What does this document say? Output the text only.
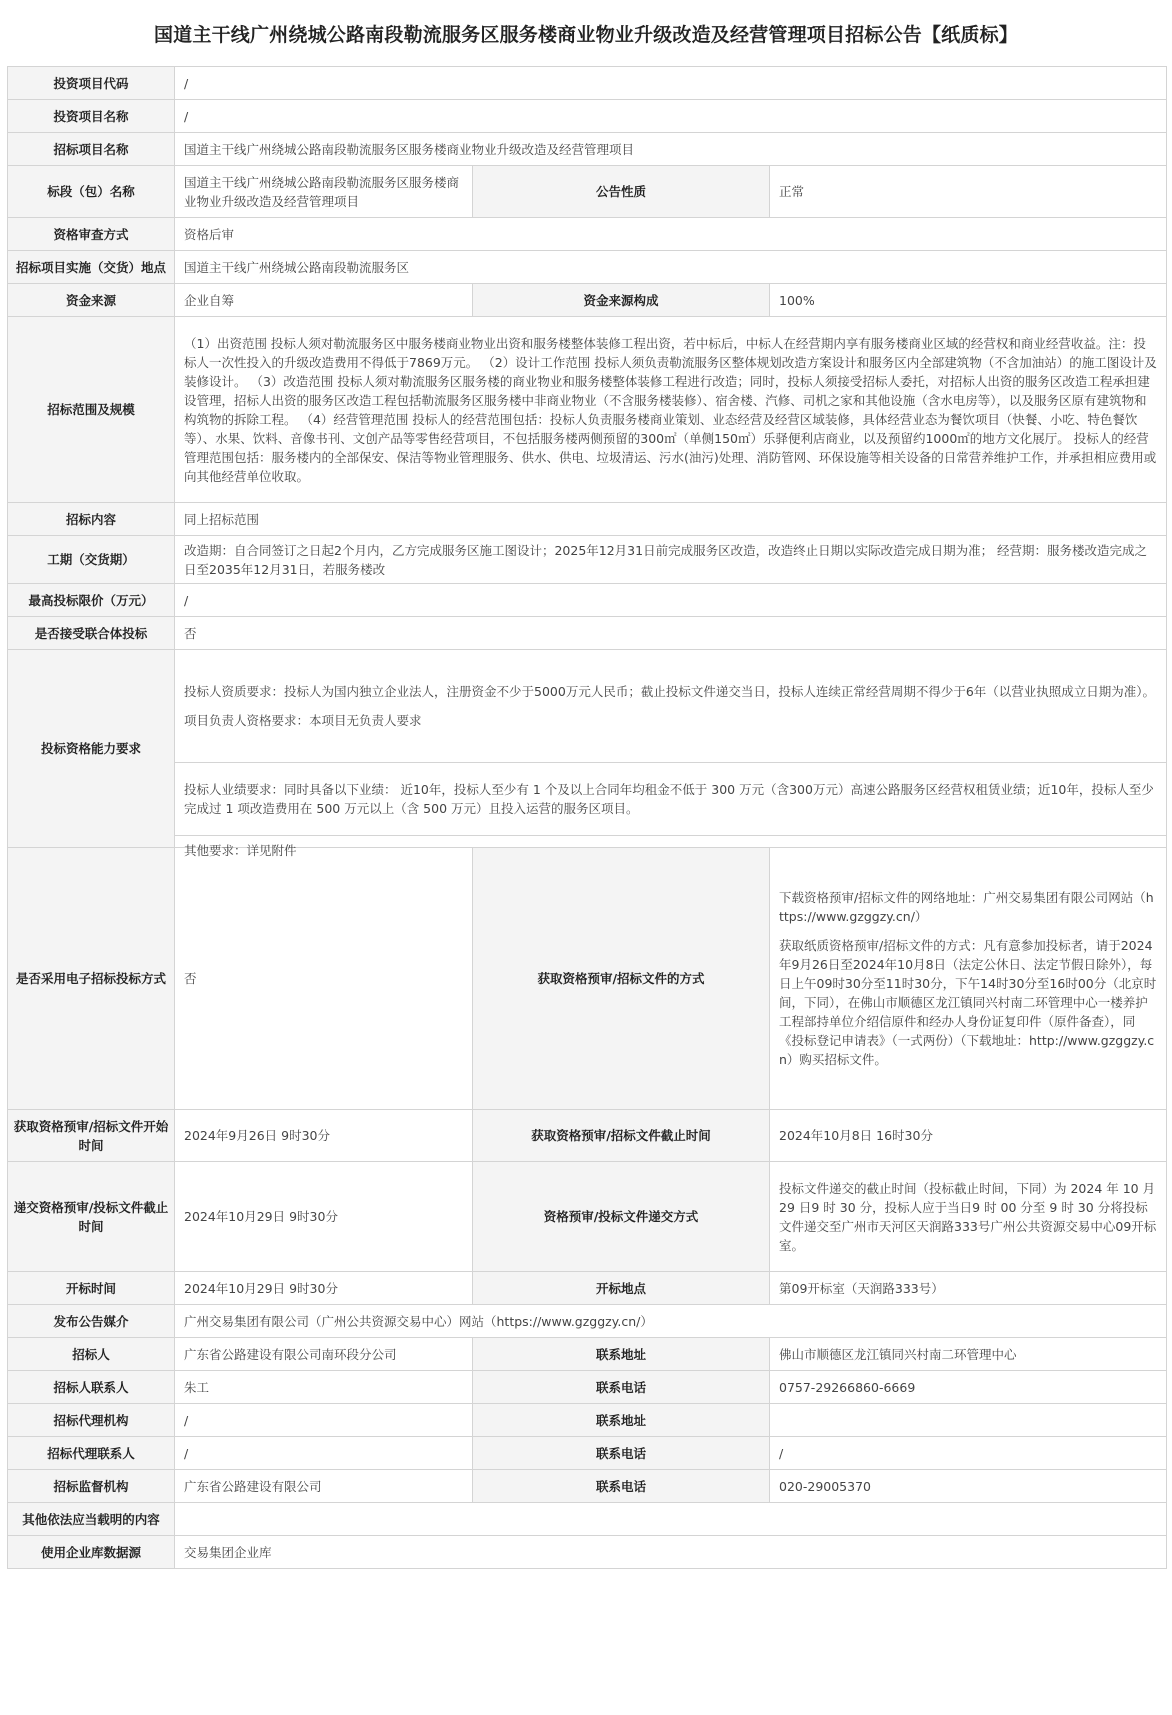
国道主干线广州绕城公路南段勒流服务区服务楼商业物业升级改造及经营管理项目招标公告【纸质标】
投资项目代码	/		
投资项目名称	/		
招标项目名称	国道主干线广州绕城公路南段勒流服务区服务楼商业物业升级改造及经营管理项目		
标段（包）名称	国道主干线广州绕城公路南段勒流服务区服务楼商业物业升级改造及经营管理项目	公告性质	正常
资格审查方式	资格后审		
招标项目实施（交货）地点	国道主干线广州绕城公路南段勒流服务区		
资金来源	企业自筹	资金来源构成	100%
招标范围及规模	（1）出资范围 投标人须对勒流服务区中服务楼商业物业出资和服务楼整体装修工程出资，若中标后，中标人在经营期内享有服务楼商业区域的经营权和商业经营收益。注：投标人一次性投入的升级改造费用不得低于7869万元。 （2）设计工作范围 投标人须负责勒流服务区整体规划改造方案设计和服务区内全部建筑物（不含加油站）的施工图设计及装修设计。 （3）改造范围 投标人须对勒流服务区服务楼的商业物业和服务楼整体装修工程进行改造；同时，投标人须接受招标人委托，对招标人出资的服务区改造工程承担建设管理，招标人出资的服务区改造工程包括勒流服务区服务楼中非商业物业（不含服务楼装修）、宿舍楼、汽修、司机之家和其他设施（含水电房等），以及服务区原有建筑物和构筑物的拆除工程。 （4）经营管理范围 投标人的经营范围包括：投标人负责服务楼商业策划、业态经营及经营区域装修，具体经营业态为餐饮项目（快餐、小吃、特色餐饮等）、水果、饮料、音像书刊、文创产品等零售经营项目，不包括服务楼两侧预留的300㎡（单侧150㎡）乐驿便利店商业，以及预留约1000㎡的地方文化展厅。 投标人的经营管理范围包括：服务楼内的全部保安、保洁等物业管理服务、供水、供电、垃圾清运、污水(油污)处理、消防管网、环保设施等相关设备的日常营养维护工作，并承担相应费用或向其他经营单位收取。		
招标内容	同上招标范围		
工期（交货期）	改造期：自合同签订之日起2个月内，乙方完成服务区施工图设计；2025年12月31日前完成服务区改造，改造终止日期以实际改造完成日期为准； 经营期：服务楼改造完成之日至2035年12月31日，若服务楼改		
最高投标限价（万元）	/		
是否接受联合体投标	否		
投标资格能力要求	投标人资质要求：投标人为国内独立企业法人，注册资金不少于5000万元人民币；截止投标文件递交当日，投标人连续正常经营周期不得少于6年（以营业执照成立日期为准）。

项目负责人资格要求：本项目无负责人要求

投标人业绩要求：同时具备以下业绩： 近10年，投标人至少有 1 个及以上合同年均租金不低于 300 万元（含300万元）高速公路服务区经营权租赁业绩；近10年，投标人至少完成过 1 项改造费用在 500 万元以上（含 500 万元）且投入运营的服务区项目。
其他要求：详见附件		

是否采用电子招标投标方式	否	获取资格预审/招标文件的方式	下载资格预审/招标文件的网络地址：广州交易集团有限公司网站（https://www.gzggzy.cn/）

获取纸质资格预审/招标文件的方式：凡有意参加投标者，请于2024年9月26日至2024年10月8日（法定公休日、法定节假日除外），每日上午09时30分至11时30分，下午14时30分至16时00分（北京时间，下同），在佛山市顺德区龙江镇同兴村南二环管理中心一楼养护工程部持单位介绍信原件和经办人身份证复印件（原件备查），同《投标登记申请表》（一式两份）（下载地址：http://www.gzggzy.cn）购买招标文件。

获取资格预审/招标文件开始时间	2024年9月26日 9时30分	获取资格预审/招标文件截止时间	2024年10月8日 16时30分
递交资格预审/投标文件截止时间	2024年10月29日 9时30分	资格预审/投标文件递交方式	投标文件递交的截止时间（投标截止时间，下同）为 2024 年 10 月 29 日9 时 30 分，投标人应于当日9 时 00 分至 9 时 30 分将投标文件递交至广州市天河区天润路333号广州公共资源交易中心09开标室。
开标时间	2024年10月29日 9时30分	开标地点	第09开标室（天润路333号）
发布公告媒介	广州交易集团有限公司（广州公共资源交易中心）网站（https://www.gzggzy.cn/）		
招标人	广东省公路建设有限公司南环段分公司	联系地址	佛山市顺德区龙江镇同兴村南二环管理中心
招标人联系人	朱工	联系电话	0757-29266860-6669
招标代理机构	/	联系地址	
招标代理联系人	/	联系电话	/
招标监督机构	广东省公路建设有限公司	联系电话	020-29005370
其他依法应当载明的内容			
使用企业库数据源	交易集团企业库		
